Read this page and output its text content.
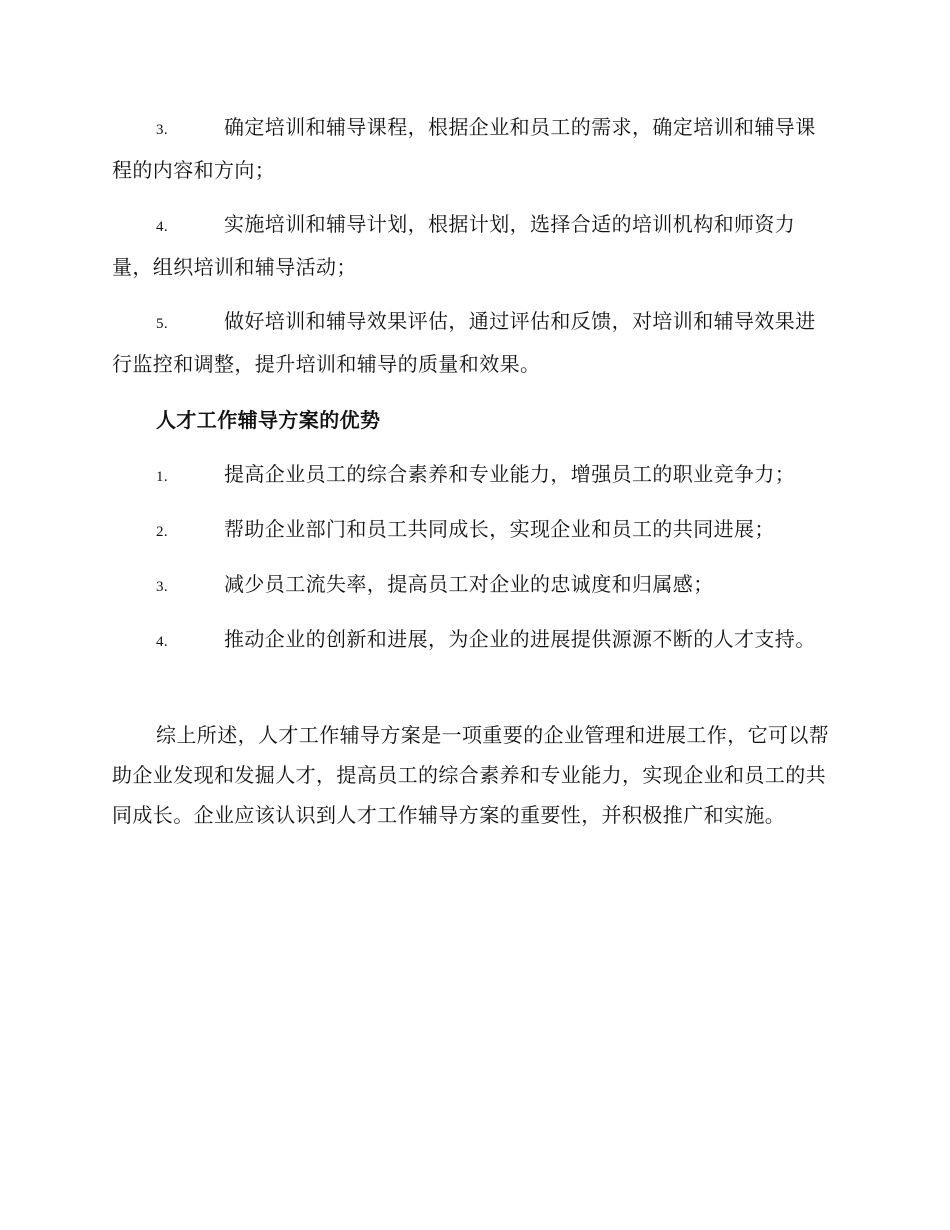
3.	确定培训和辅导课程，根据企业和员工的需求，确定培训和辅导课程的内容和方向；
4.	实施培训和辅导计划，根据计划，选择合适的培训机构和师资力量，组织培训和辅导活动；
5.	做好培训和辅导效果评估，通过评估和反馈，对培训和辅导效果进行监控和调整，提升培训和辅导的质量和效果。
人才工作辅导方案的优势
1.	提高企业员工的综合素养和专业能力，增强员工的职业竞争力；
2.	帮助企业部门和员工共同成长，实现企业和员工的共同进展；
3.	减少员工流失率，提高员工对企业的忠诚度和归属感；
4.	推动企业的创新和进展，为企业的进展提供源源不断的人才支持。
综上所述，人才工作辅导方案是一项重要的企业管理和进展工作，它可以帮助企业发现和发掘人才，提高员工的综合素养和专业能力，实现企业和员工的共同成长。企业应该认识到人才工作辅导方案的重要性，并积极推广和实施。
